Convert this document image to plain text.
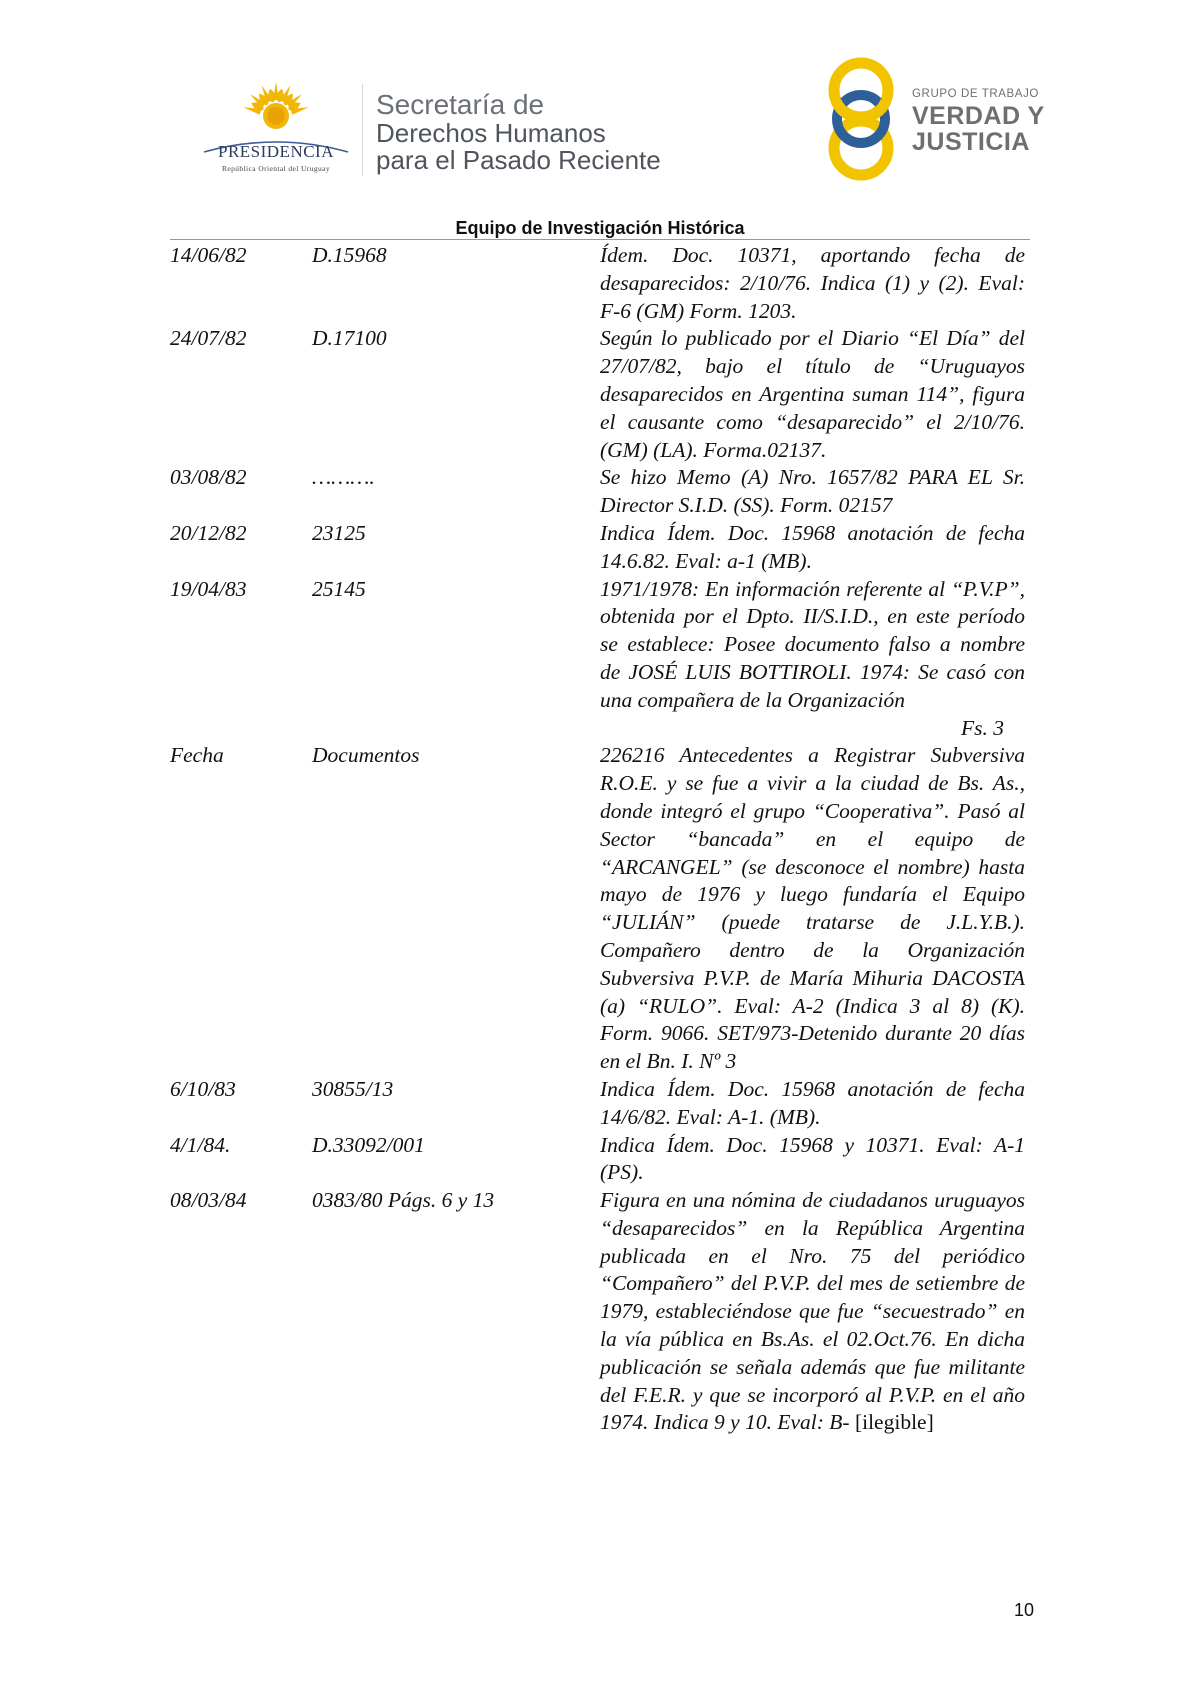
PRESIDENCIA
República Oriental del Uruguay
Secretaría de
Derechos Humanos
para el Pasado Reciente
GRUPO DE TRABAJO
VERDAD Y
JUSTICIA
Equipo de Investigación Histórica
14/06/82	D.15968	Ídem. Doc. 10371, aportando fecha de desaparecidos: 2/10/76. Indica (1) y (2). Eval: F-6 (GM) Form. 1203.
24/07/82	D.17100	Según lo publicado por el Diario “El Día” del 27/07/82, bajo el título de “Uruguayos desaparecidos en Argentina suman 114”, figura el causante como “desaparecido” el 2/10/76. (GM) (LA). Forma.02137.
03/08/82	……….	Se hizo Memo (A) Nro. 1657/82 PARA EL Sr. Director S.I.D. (SS). Form. 02157
20/12/82	23125	Indica Ídem. Doc. 15968 anotación de fecha 14.6.82. Eval: a-1 (MB).
19/04/83	25145	1971/1978: En información referente al “P.V.P”, obtenida por el Dpto. II/S.I.D., en este período se establece: Posee documento falso a nombre de JOSÉ LUIS BOTTIROLI. 1974: Se casó con una compañera de la Organización
Fs. 3
Fecha	Documentos	226216 Antecedentes a Registrar Subversiva R.O.E. y se fue a vivir a la ciudad de Bs. As., donde integró el grupo “Cooperativa”. Pasó al Sector “bancada” en el equipo de “ARCANGEL” (se desconoce el nombre) hasta mayo de 1976 y luego fundaría el Equipo “JULIÁN” (puede tratarse de J.L.Y.B.). Compañero dentro de la Organización Subversiva P.V.P. de María Mihuria DACOSTA (a) “RULO”. Eval: A-2 (Indica 3 al 8) (K). Form. 9066. SET/973-Detenido durante 20 días en el Bn. I. Nº 3
6/10/83	30855/13	Indica Ídem. Doc. 15968 anotación de fecha 14/6/82. Eval: A-1. (MB).
4/1/84.	D.33092/001	Indica Ídem. Doc. 15968 y 10371. Eval: A-1 (PS).
08/03/84	0383/80 Págs. 6 y 13	Figura en una nómina de ciudadanos uruguayos “desaparecidos” en la República Argentina publicada en el Nro. 75 del periódico “Compañero” del P.V.P. del mes de setiembre de 1979, estableciéndose que fue “secuestrado” en la vía pública en Bs.As. el 02.Oct.76. En dicha publicación se señala además que fue militante del F.E.R. y que se incorporó al P.V.P. en el año 1974. Indica 9 y 10. Eval: B- [ilegible]
10
